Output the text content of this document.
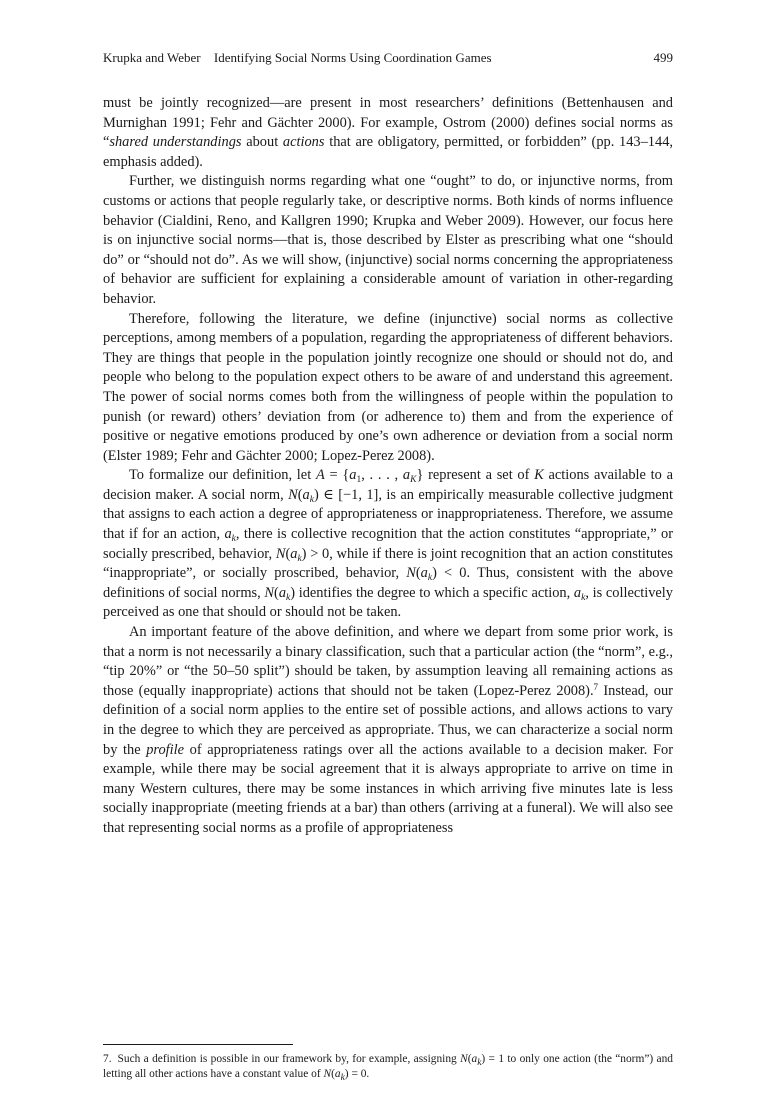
Krupka and Weber Identifying Social Norms Using Coordination Games	499

must be jointly recognized—are present in most researchers’ definitions (Bettenhausen and Murnighan 1991; Fehr and Gächter 2000). For example, Ostrom (2000) defines social norms as “shared understandings about actions that are obligatory, permitted, or forbidden” (pp. 143–144, emphasis added).

Further, we distinguish norms regarding what one “ought” to do, or injunctive norms, from customs or actions that people regularly take, or descriptive norms. Both kinds of norms influence behavior (Cialdini, Reno, and Kallgren 1990; Krupka and Weber 2009). However, our focus here is on injunctive social norms—that is, those described by Elster as prescribing what one “should do” or “should not do”. As we will show, (injunctive) social norms concerning the appropriateness of behavior are sufficient for explaining a considerable amount of variation in other-regarding behavior.

Therefore, following the literature, we define (injunctive) social norms as collective perceptions, among members of a population, regarding the appropriateness of different behaviors. They are things that people in the population jointly recognize one should or should not do, and people who belong to the population expect others to be aware of and understand this agreement. The power of social norms comes both from the willingness of people within the population to punish (or reward) others’ deviation from (or adherence to) them and from the experience of positive or negative emotions produced by one’s own adherence or deviation from a social norm (Elster 1989; Fehr and Gächter 2000; Lopez-Perez 2008).

To formalize our definition, let $A = \{a_1$, . . . , $a_K$} represent a set of K actions available to a decision maker. A social norm, $N(a_k)$ ∈ [−1, 1], is an empirically measurable collective judgment that assigns to each action a degree of appropriateness or inappropriateness. Therefore, we assume that if for an action, $a_k$, there is collective recognition that the action constitutes “appropriate,” or socially prescribed, behavior, $N(a_k) > 0$, while if there is joint recognition that an action constitutes “inappropriate”, or socially proscribed, behavior, $N(a_k) < 0$. Thus, consistent with the above definitions of social norms, $N(a_k)$ identifies the degree to which a specific action, $a_k$, is collectively perceived as one that should or should not be taken.

An important feature of the above definition, and where we depart from some prior work, is that a norm is not necessarily a binary classification, such that a particular action (the “norm”, e.g., “tip 20%” or “the 50–50 split”) should be taken, by assumption leaving all remaining actions as those (equally inappropriate) actions that should not be taken (Lopez-Perez 2008).$^7$ Instead, our definition of a social norm applies to the entire set of possible actions, and allows actions to vary in the degree to which they are perceived as appropriate. Thus, we can characterize a social norm by the profile of appropriateness ratings over all the actions available to a decision maker. For example, while there may be social agreement that it is always appropriate to arrive on time in many Western cultures, there may be some instances in which arriving five minutes late is less socially inappropriate (meeting friends at a bar) than others (arriving at a funeral). We will also see that representing social norms as a profile of appropriateness

7. Such a definition is possible in our framework by, for example, assigning $N(a_k) = 1$ to only one action (the “norm”) and letting all other actions have a constant value of $N(a_k) = 0$.
